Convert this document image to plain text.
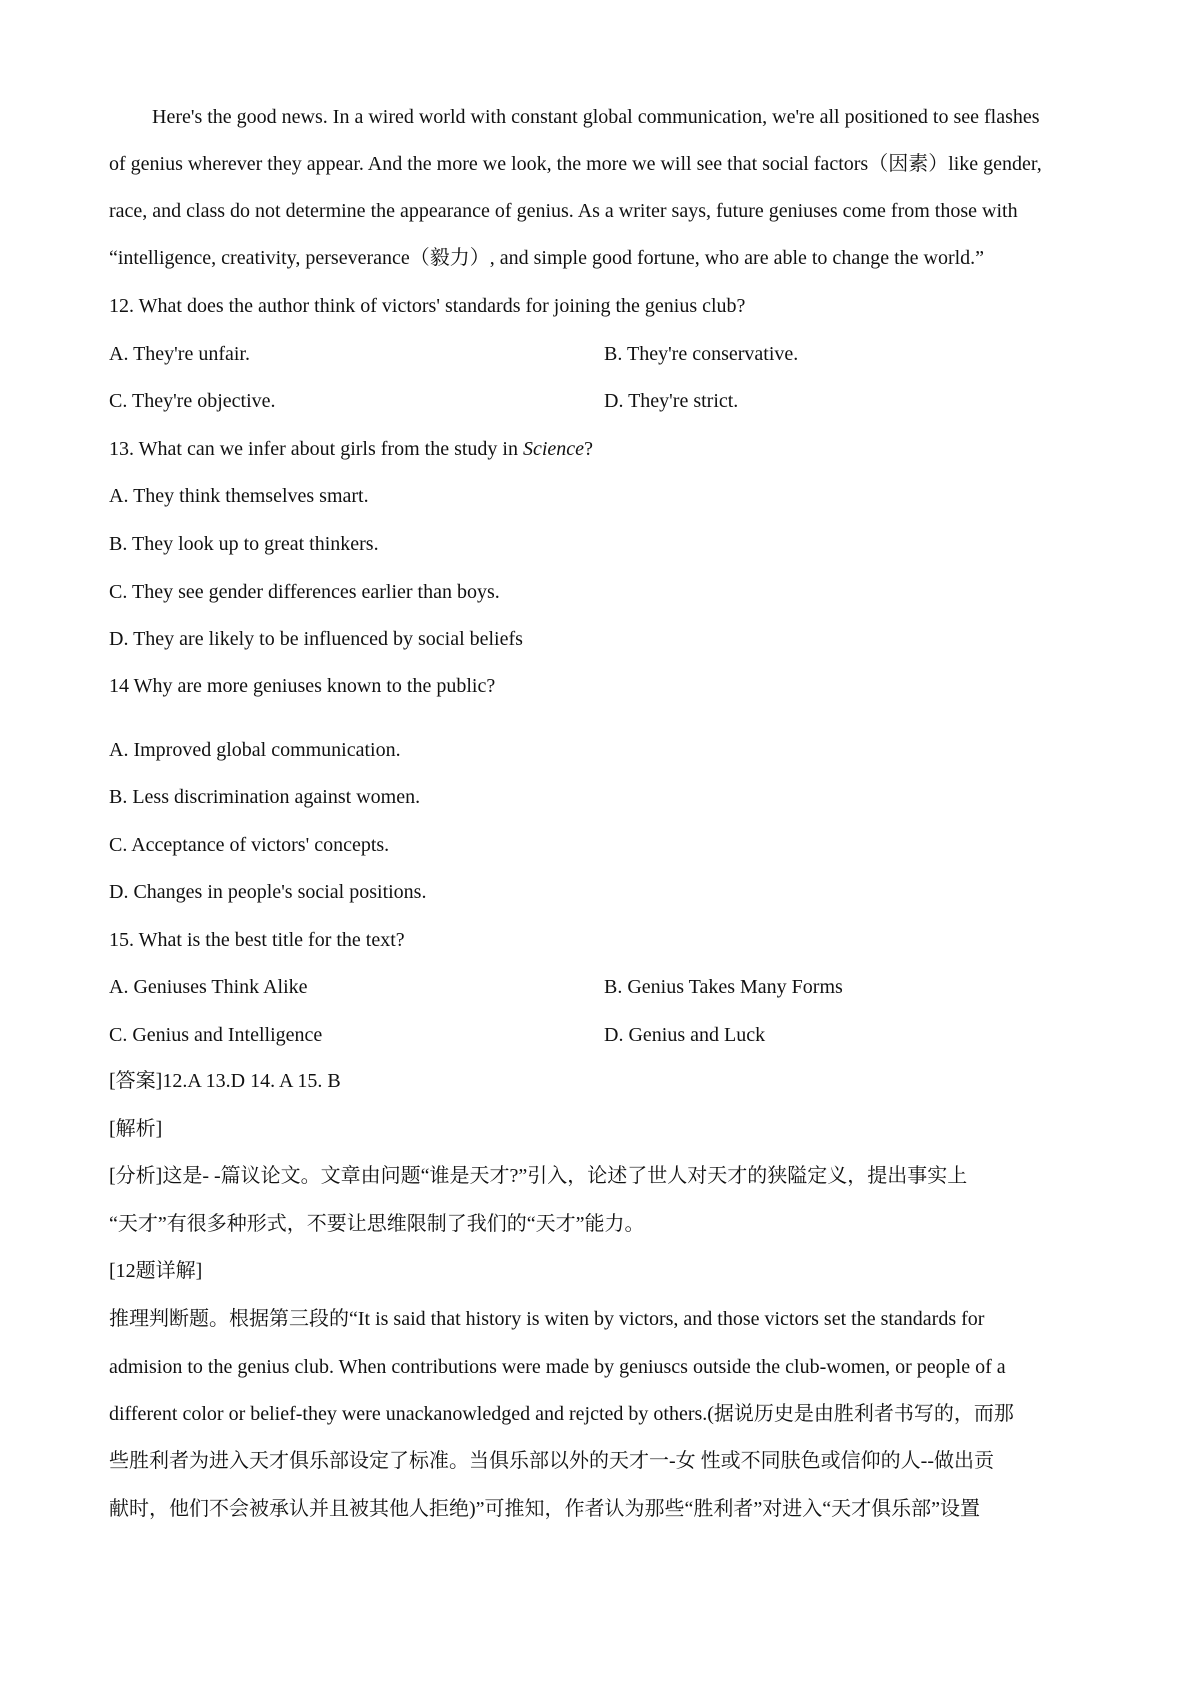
Here's the good news. In a wired world with constant global communication, we're all positioned to see flashes
of genius wherever they appear. And the more we look, the more we will see that social factors（因素）like gender,
race, and class do not determine the appearance of genius. As a writer says, future geniuses come from those with
“intelligence, creativity, perseverance（毅力）, and simple good fortune, who are able to change the world.”
12. What does the author think of victors' standards for joining the genius club?
A. They're unfair.	B. They're conservative.
C. They're objective.	D. They're strict.
13. What can we infer about girls from the study in Science?
A. They think themselves smart.
B. They look up to great thinkers.
C. They see gender differences earlier than boys.
D. They are likely to be influenced by social beliefs
14 Why are more geniuses known to the public?
A. Improved global communication.
B. Less discrimination against women.
C. Acceptance of victors' concepts.
D. Changes in people's social positions.
15. What is the best title for the text?
A. Geniuses Think Alike	B. Genius Takes Many Forms
C. Genius and Intelligence	D. Genius and Luck
[答案]12.A 13.D 14. A 15. B
[解析]
[分析]这是- -篇议论文。文章由问题“谁是天才?”引入，论述了世人对天才的狭隘定义，提出事实上
“天才”有很多种形式，不要让思维限制了我们的“天才”能力。
[12题详解]
推理判断题。根据第三段的“It is said that history is witen by victors, and those victors set the standards for
admision to the genius club. When contributions were made by geniuscs outside the club-women, or people of a
different color or belief-they were unackanowledged and rejcted by others.(据说历史是由胜利者书写的，而那
些胜利者为进入天才俱乐部设定了标准。当俱乐部以外的天才一-女 性或不同肤色或信仰的人--做出贡
献时，他们不会被承认并且被其他人拒绝)”可推知，作者认为那些“胜利者”对进入“天才俱乐部”设置
